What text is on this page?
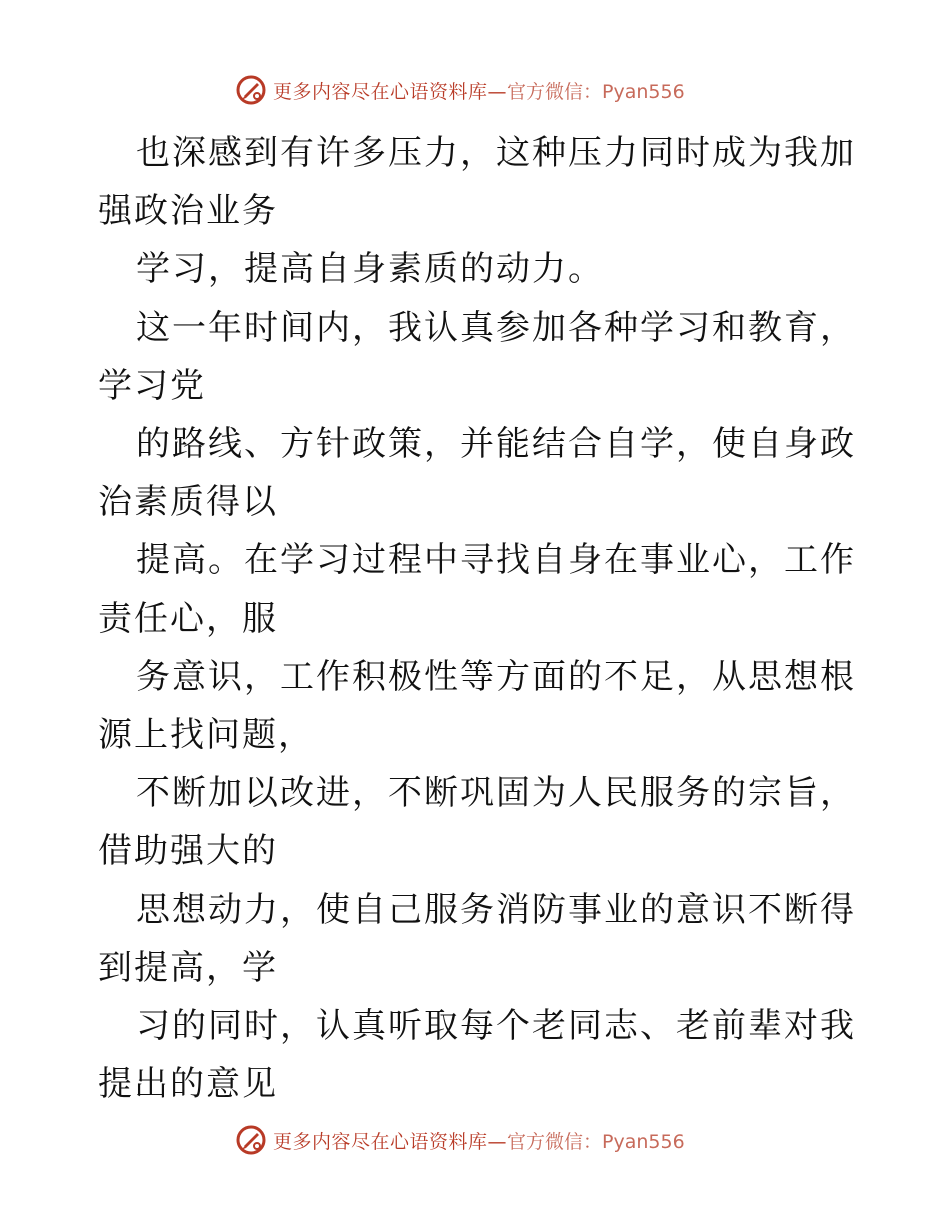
更多内容尽在心语资料库— 官方微信：Pyan556

也深感到有许多压力，这种压力同时成为我加强政治业务

学习，提高自身素质的动力。

这一年时间内，我认真参加各种学习和教育，学习党

的路线、方针政策，并能结合自学，使自身政治素质得以

提高。在学习过程中寻找自身在事业心，工作责任心，服

务意识，工作积极性等方面的不足，从思想根源上找问题，

不断加以改进，不断巩固为人民服务的宗旨，借助强大的

思想动力，使自己服务消防事业的意识不断得到提高，学

习的同时，认真听取每个老同志、老前辈对我提出的意见

更多内容尽在心语资料库— 官方微信：Pyan556
